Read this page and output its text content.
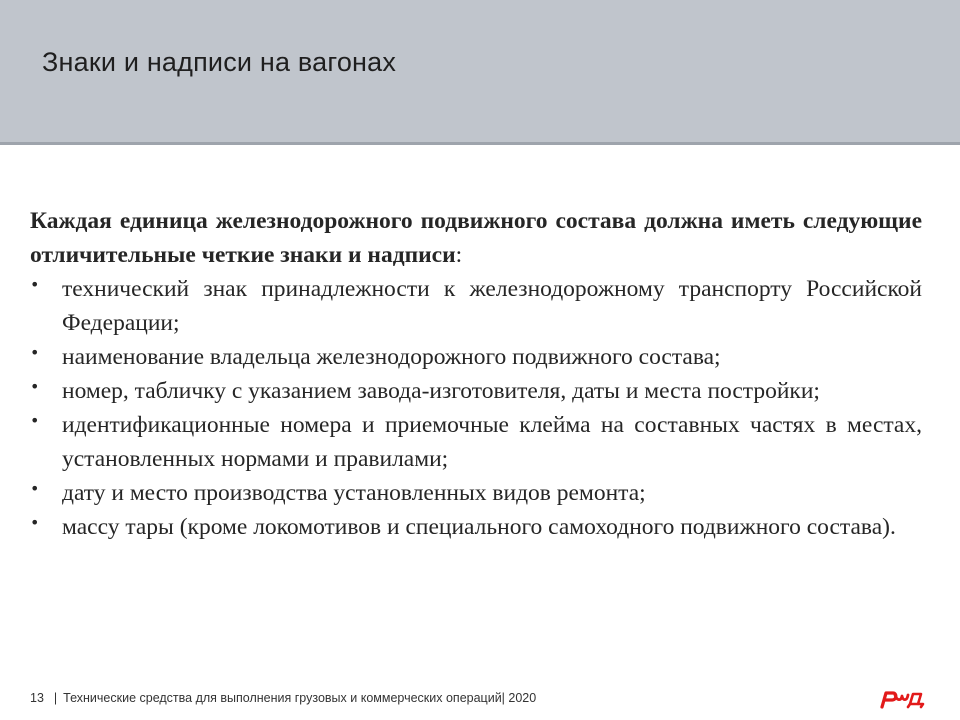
Знаки и надписи на вагонах
Каждая единица железнодорожного подвижного состава должна иметь следующие отличительные четкие знаки и надписи:
• технический знак принадлежности к железнодорожному транспорту Российской Федерации;
• наименование владельца железнодорожного подвижного состава;
• номер, табличку с указанием завода-изготовителя, даты и места постройки;
• идентификационные номера и приемочные клейма на составных частях в местах, установленных нормами и правилами;
• дату и место производства установленных видов ремонта;
• массу тары (кроме локомотивов и специального самоходного подвижного состава).
13 | Технические средства для выполнения грузовых и коммерческих операций| 2020
